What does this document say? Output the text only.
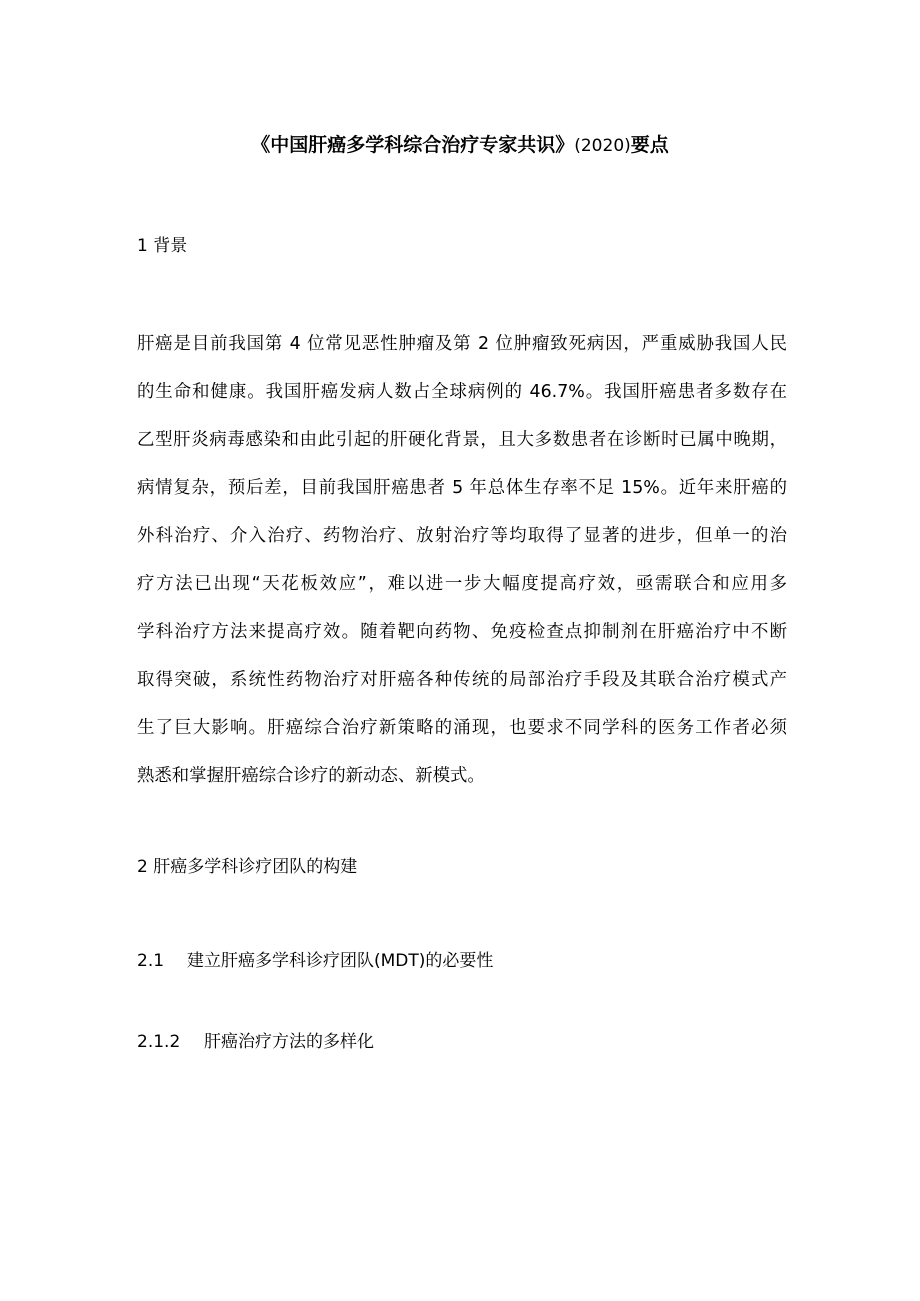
《中国肝癌多学科综合治疗专家共识》(2020)要点
1 背景
肝癌是目前我国第 4 位常见恶性肿瘤及第 2 位肿瘤致死病因，严重威胁我国人民
的生命和健康。我国肝癌发病人数占全球病例的 46.7%。我国肝癌患者多数存在
乙型肝炎病毒感染和由此引起的肝硬化背景，且大多数患者在诊断时已属中晚期，
病情复杂，预后差，目前我国肝癌患者 5 年总体生存率不足 15%。近年来肝癌的
外科治疗、介入治疗、药物治疗、放射治疗等均取得了显著的进步，但单一的治
疗方法已出现“天花板效应”，难以进一步大幅度提高疗效，亟需联合和应用多
学科治疗方法来提高疗效。随着靶向药物、免疫检查点抑制剂在肝癌治疗中不断
取得突破，系统性药物治疗对肝癌各种传统的局部治疗手段及其联合治疗模式产
生了巨大影响。肝癌综合治疗新策略的涌现，也要求不同学科的医务工作者必须
熟悉和掌握肝癌综合诊疗的新动态、新模式。
2 肝癌多学科诊疗团队的构建
2.1 建立肝癌多学科诊疗团队(MDT)的必要性
2.1.2 肝癌治疗方法的多样化
